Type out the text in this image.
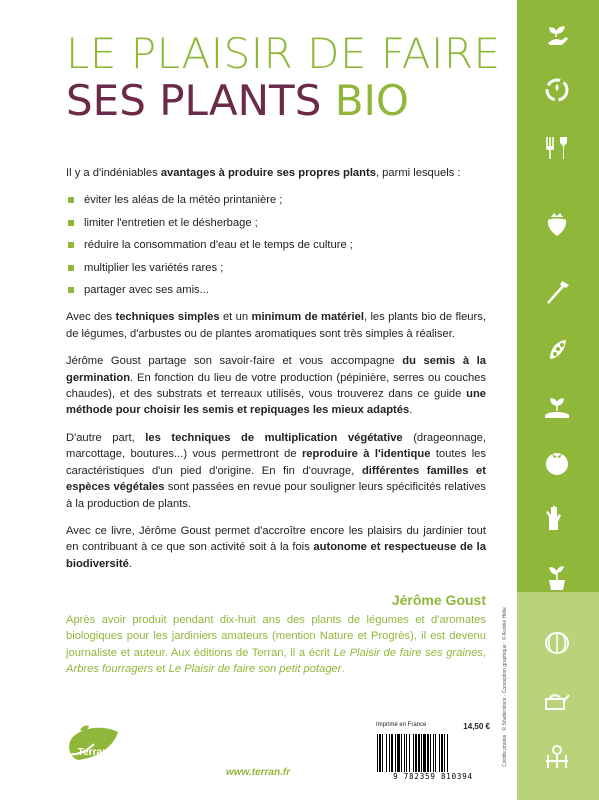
Crédits photos : © Shutterstock - Conception graphique : © Aurélie Hélie
LE PLAISIR DE FAIRE
SES PLANTS BIO

Il y a d'indéniables avantages à produire ses propres plants, parmi lesquels :

éviter les aléas de la météo printanière ;
limiter l'entretien et le désherbage ;
réduire la consommation d'eau et le temps de culture ;
multiplier les variétés rares ;
partager avec ses amis...

Avec des techniques simples et un minimum de matériel, les plants bio de fleurs, de légumes, d'arbustes ou de plantes aromatiques sont très simples à réaliser.

Jérôme Goust partage son savoir-faire et vous accompagne du semis à la germination. En fonction du lieu de votre production (pépinière, serres ou couches chaudes), et des substrats et terreaux utilisés, vous trouverez dans ce guide une méthode pour choisir les semis et repiquages les mieux adaptés.

D'autre part, les techniques de multiplication végétative (drageonnage, marcottage, boutures...) vous permettront de reproduire à l'identique toutes les caractéristiques d'un pied d'origine. En fin d'ouvrage, différentes familles et espèces végétales sont passées en revue pour souligner leurs spécificités relatives à la production de plants.

Avec ce livre, Jérôme Goust permet d'accroître encore les plaisirs du jardinier tout en contribuant à ce que son activité soit à la fois autonome et respectueuse de la biodiversité.

Jérôme Goust
Après avoir produit pendant dix-huit ans des plants de légumes et d'aromates biologiques pour les jardiniers amateurs (mention Nature et Progrès), il est devenu journaliste et auteur. Aux éditions de Terran, il a écrit Le Plaisir de faire ses graines, Arbres fourragers et Le Plaisir de faire son petit potager.
Terran
www.terran.fr
Imprimé en France	14,50 €
9 782359 810394
